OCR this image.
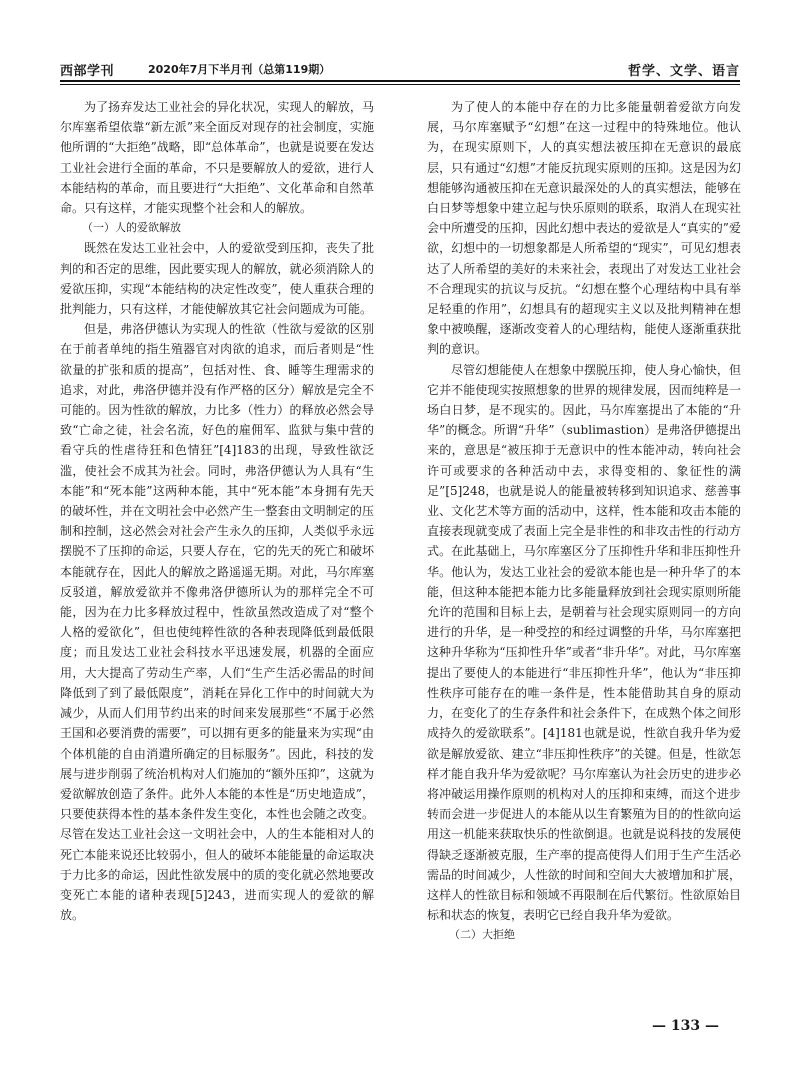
西部学刊	2020年7月下半月刊（总第119期）	哲学、文学、语言

为了扬弃发达工业社会的异化状况，实现人的解放，马尔库塞希望依靠“新左派”来全面反对现存的社会制度，实施他所谓的“大拒绝”战略，即“总体革命”，也就是说要在发达工业社会进行全面的革命，不只是要解放人的爱欲，进行人本能结构的革命，而且要进行“大拒绝”、文化革命和自然革命。只有这样，才能实现整个社会和人的解放。

（一）人的爱欲解放

既然在发达工业社会中，人的爱欲受到压抑，丧失了批判的和否定的思维，因此要实现人的解放，就必须消除人的爱欲压抑，实现“本能结构的决定性改变”，使人重获合理的批判能力，只有这样，才能使解放其它社会问题成为可能。

但是，弗洛伊德认为实现人的性欲（性欲与爱欲的区别在于前者单纯的指生殖器官对肉欲的追求，而后者则是“性欲量的扩张和质的提高”，包括对性、食、睡等生理需求的追求，对此，弗洛伊德并没有作严格的区分）解放是完全不可能的。因为性欲的解放，力比多（性力）的释放必然会导致“亡命之徒，社会名流，好色的雇佣军、监狱与集中营的看守兵的性虐待狂和色情狂”[4]183的出现，导致性欲泛滥，使社会不成其为社会。同时，弗洛伊德认为人具有“生本能”和“死本能”这两种本能，其中“死本能”本身拥有先天的破坏性，并在文明社会中必然产生一整套由文明制定的压制和控制，这必然会对社会产生永久的压抑，人类似乎永远摆脱不了压抑的命运，只要人存在，它的先天的死亡和破坏本能就存在，因此人的解放之路遥遥无期。对此，马尔库塞反驳道，解放爱欲并不像弗洛伊德所认为的那样完全不可能，因为在力比多释放过程中，性欲虽然改造成了对“整个人格的爱欲化”，但也使纯粹性欲的各种表现降低到最低限度；而且发达工业社会科技水平迅速发展，机器的全面应用，大大提高了劳动生产率，人们“生产生活必需品的时间降低到了到了最低限度”，消耗在异化工作中的时间就大为减少，从而人们用节约出来的时间来发展那些“不属于必然王国和必要消费的需要”，可以拥有更多的能量来为实现“由个体机能的自由消遣所确定的目标服务”。因此，科技的发展与进步削弱了统治机构对人们施加的“额外压抑”，这就为爱欲解放创造了条件。此外人本能的本性是“历史地造成”，只要使获得本性的基本条件发生变化，本性也会随之改变。尽管在发达工业社会这一文明社会中，人的生本能相对人的死亡本能来说还比较弱小，但人的破坏本能能量的命运取决于力比多的命运，因此性欲发展中的质的变化就必然地要改变死亡本能的诸种表现[5]243，进而实现人的爱欲的解放。

为了使人的本能中存在的力比多能量朝着爱欲方向发展，马尔库塞赋予“幻想”在这一过程中的特殊地位。他认为，在现实原则下，人的真实想法被压抑在无意识的最底层，只有通过“幻想”才能反抗现实原则的压抑。这是因为幻想能够沟通被压抑在无意识最深处的人的真实想法，能够在白日梦等想象中建立起与快乐原则的联系，取消人在现实社会中所遭受的压抑，因此幻想中表达的爱欲是人“真实的”爱欲，幻想中的一切想象都是人所希望的“现实”，可见幻想表达了人所希望的美好的未来社会，表现出了对发达工业社会不合理现实的抗议与反抗。“幻想在整个心理结构中具有举足轻重的作用”，幻想具有的超现实主义以及批判精神在想象中被唤醒，逐渐改变着人的心理结构，能使人逐渐重获批判的意识。

尽管幻想能使人在想象中摆脱压抑，使人身心愉快，但它并不能使现实按照想象的世界的规律发展，因而纯粹是一场白日梦，是不现实的。因此，马尔库塞提出了本能的“升华”的概念。所谓“升华”（sublimastion）是弗洛伊德提出来的，意思是“被压抑于无意识中的性本能冲动，转向社会许可或要求的各种活动中去，求得变相的、象征性的满足”[5]248，也就是说人的能量被转移到知识追求、慈善事业、文化艺术等方面的活动中，这样，性本能和攻击本能的直接表现就变成了表面上完全是非性的和非攻击性的行动方式。在此基础上，马尔库塞区分了压抑性升华和非压抑性升华。他认为，发达工业社会的爱欲本能也是一种升华了的本能，但这种本能把本能力比多能量释放到社会现实原则所能允许的范围和目标上去，是朝着与社会现实原则同一的方向进行的升华，是一种受控的和经过调整的升华，马尔库塞把这种升华称为“压抑性升华”或者“非升华”。对此，马尔库塞提出了要使人的本能进行“非压抑性升华”，他认为“非压抑性秩序可能存在的唯一条件是，性本能借助其自身的原动力，在变化了的生存条件和社会条件下，在成熟个体之间形成持久的爱欲联系”。[4]181也就是说，性欲自我升华为爱欲是解放爱欲、建立“非压抑性秩序”的关键。但是，性欲怎样才能自我升华为爱欲呢？马尔库塞认为社会历史的进步必将冲破运用操作原则的机构对人的压抑和束缚，而这个进步转而会进一步促进人的本能从以生育繁殖为目的的性欲向运用这一机能来获取快乐的性欲倒退。也就是说科技的发展使得缺乏逐渐被克服，生产率的提高使得人们用于生产生活必需品的时间减少，人性欲的时间和空间大大被增加和扩展，这样人的性欲目标和领域不再限制在后代繁衍。性欲原始目标和状态的恢复，表明它已经自我升华为爱欲。

（二）大拒绝
— 133 —
